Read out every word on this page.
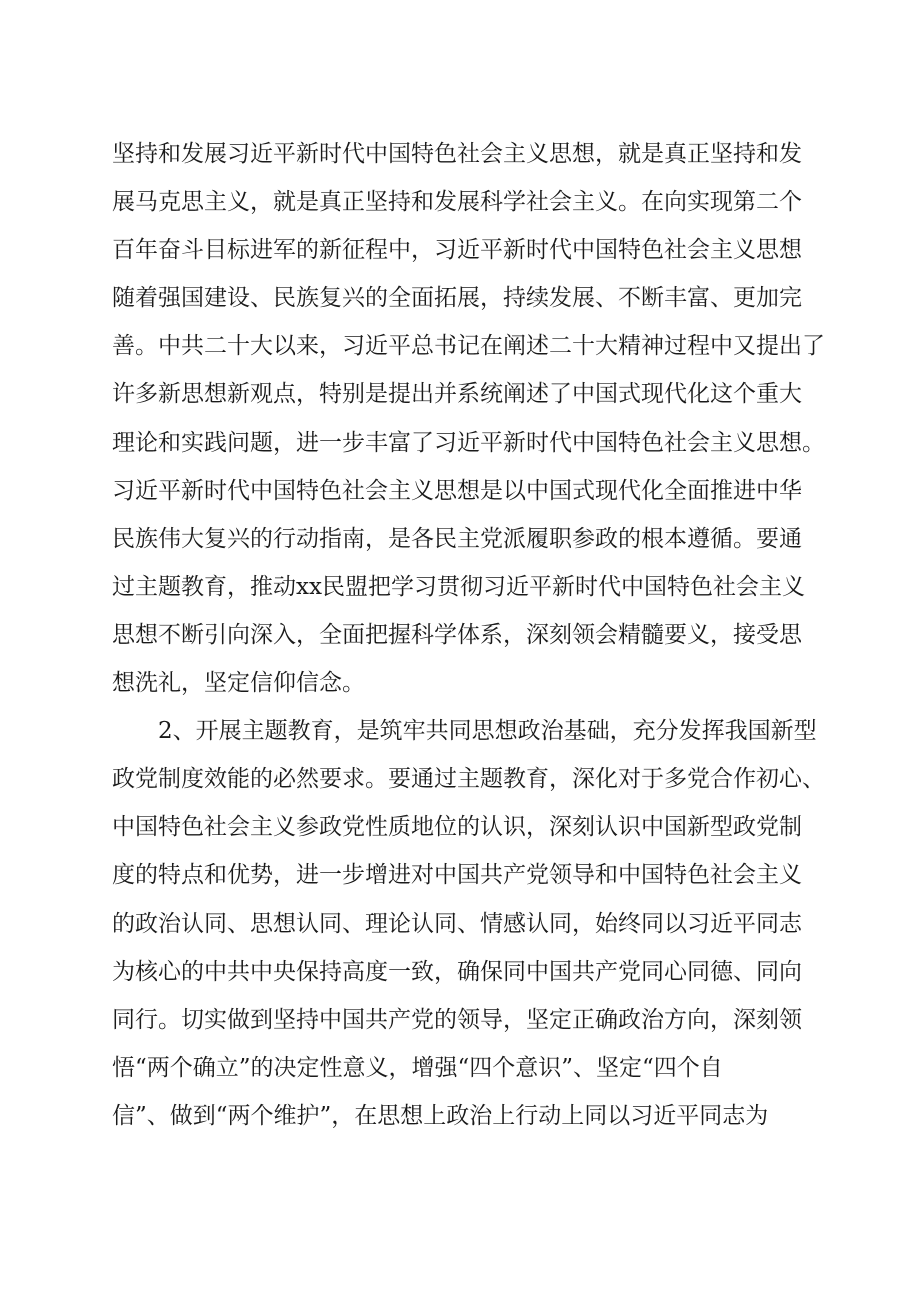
坚持和发展习近平新时代中国特色社会主义思想，就是真正坚持和发
展马克思主义，就是真正坚持和发展科学社会主义。在向实现第二个
百年奋斗目标进军的新征程中，习近平新时代中国特色社会主义思想
随着强国建设、民族复兴的全面拓展，持续发展、不断丰富、更加完
善。中共二十大以来，习近平总书记在阐述二十大精神过程中又提出了
许多新思想新观点，特别是提出并系统阐述了中国式现代化这个重大
理论和实践问题，进一步丰富了习近平新时代中国特色社会主义思想。
习近平新时代中国特色社会主义思想是以中国式现代化全面推进中华
民族伟大复兴的行动指南，是各民主党派履职参政的根本遵循。要通
过主题教育，推动xx民盟把学习贯彻习近平新时代中国特色社会主义
思想不断引向深入，全面把握科学体系，深刻领会精髓要义，接受思
想洗礼，坚定信仰信念。
2、开展主题教育，是筑牢共同思想政治基础，充分发挥我国新型
政党制度效能的必然要求。要通过主题教育，深化对于多党合作初心、
中国特色社会主义参政党性质地位的认识，深刻认识中国新型政党制
度的特点和优势，进一步增进对中国共产党领导和中国特色社会主义
的政治认同、思想认同、理论认同、情感认同，始终同以习近平同志
为核心的中共中央保持高度一致，确保同中国共产党同心同德、同向
同行。切实做到坚持中国共产党的领导，坚定正确政治方向，深刻领
悟“两个确立”的决定性意义，增强“四个意识”、坚定“四个自
信”、做到“两个维护”，在思想上政治上行动上同以习近平同志为
